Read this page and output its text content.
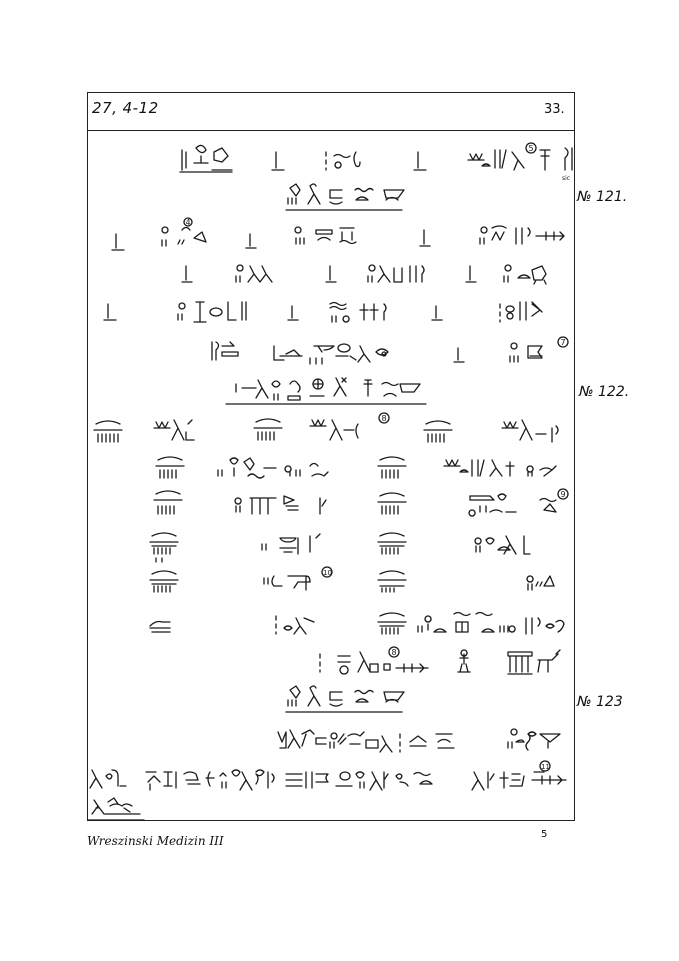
27, 4-12	33.
№ 121.
№ 122.
№ 123
Wreszinski Medizin III	5
5
sic
4
7
8
9
10
8
11
